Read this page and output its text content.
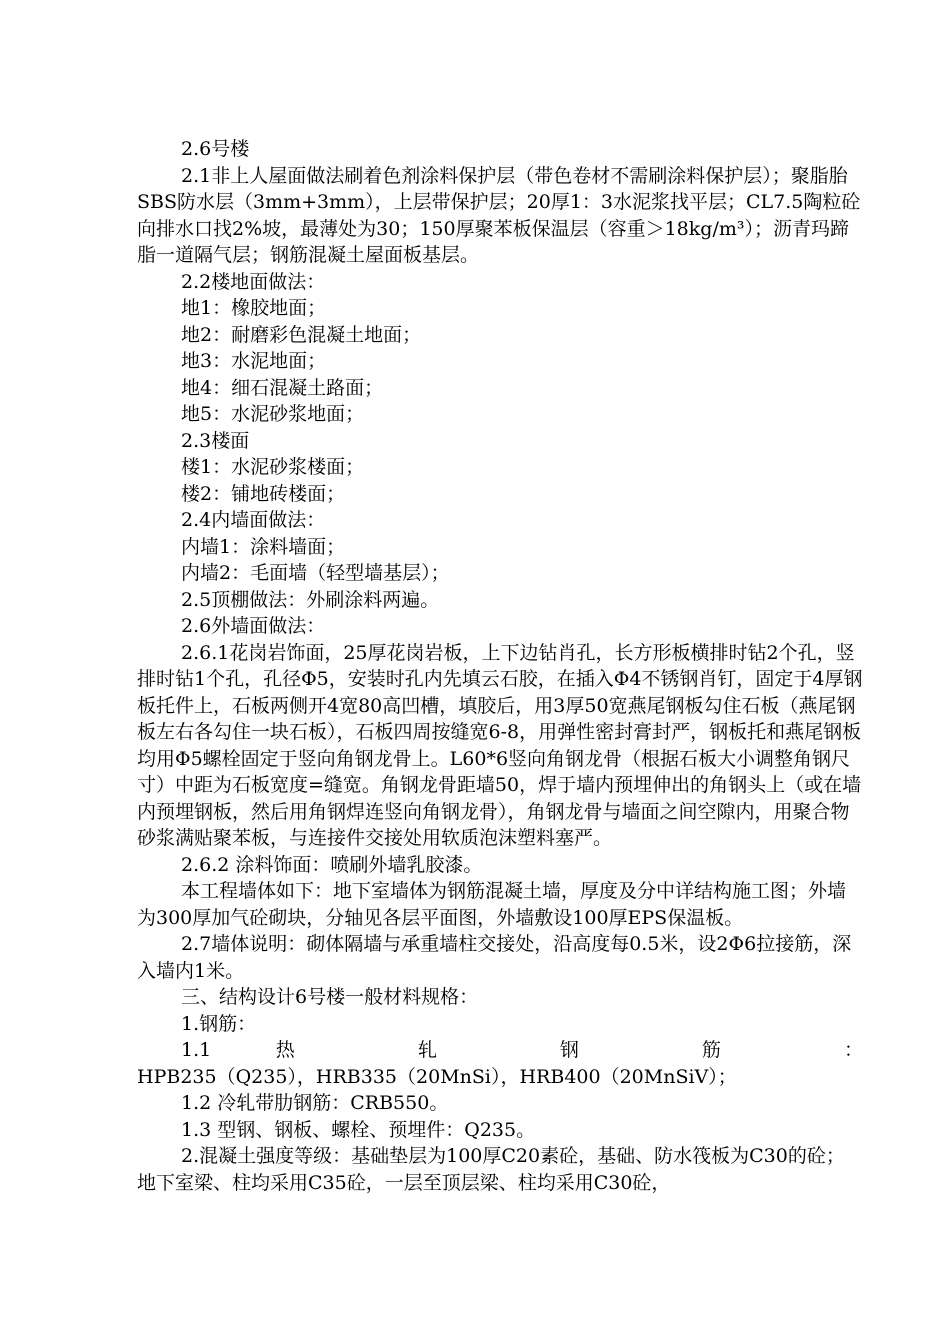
2.6号楼

2.1非上人屋面做法刷着色剂涂料保护层（带色卷材不需刷涂料保护层）；聚脂胎SBS防水层（3mm+3mm），上层带保护层；20厚1：3水泥浆找平层；CL7.5陶粒砼向排水口找2%坡，最薄处为30；150厚聚苯板保温层（容重＞18kg/m³）；沥青玛蹄脂一道隔气层；钢筋混凝土屋面板基层。

2.2楼地面做法：

地1：橡胶地面；

地2：耐磨彩色混凝土地面；

地3：水泥地面；

地4：细石混凝土路面；

地5：水泥砂浆地面；

2.3楼面

楼1：水泥砂浆楼面；

楼2：铺地砖楼面；

2.4内墙面做法：

内墙1：涂料墙面；

内墙2：毛面墙（轻型墙基层）；

2.5顶棚做法：外刷涂料两遍。

2.6外墙面做法：

2.6.1花岗岩饰面，25厚花岗岩板，上下边钻肖孔，长方形板横排时钻2个孔，竖排时钻1个孔，孔径Φ5，安装时孔内先填云石胶，在插入Φ4不锈钢肖钉，固定于4厚钢板托件上，石板两侧开4宽80高凹槽，填胶后，用3厚50宽燕尾钢板勾住石板（燕尾钢板左右各勾住一块石板），石板四周按缝宽6-8，用弹性密封膏封严，钢板托和燕尾钢板均用Φ5螺栓固定于竖向角钢龙骨上。L60*6竖向角钢龙骨（根据石板大小调整角钢尺寸）中距为石板宽度=缝宽。角钢龙骨距墙50，焊于墙内预埋伸出的角钢头上（或在墙内预埋钢板，然后用角钢焊连竖向角钢龙骨），角钢龙骨与墙面之间空隙内，用聚合物砂浆满贴聚苯板，与连接件交接处用软质泡沫塑料塞严。

2.6.2 涂料饰面：喷刷外墙乳胶漆。

本工程墙体如下：地下室墙体为钢筋混凝土墙，厚度及分中详结构施工图；外墙为300厚加气砼砌块，分轴见各层平面图，外墙敷设100厚EPS保温板。

2.7墙体说明：砌体隔墙与承重墙柱交接处，沿高度每0.5米，设2Φ6拉接筋，深入墙内1米。

三、结构设计6号楼一般材料规格：

1.钢筋：

1.1 热 轧 钢 筋 ：

HPB235（Q235），HRB335（20MnSi），HRB400（20MnSiV）；

1.2 冷轧带肋钢筋：CRB550。

1.3 型钢、钢板、螺栓、预埋件：Q235。

2.混凝土强度等级：基础垫层为100厚C20素砼，基础、防水筏板为C30的砼；地下室梁、柱均采用C35砼，一层至顶层梁、柱均采用C30砼，
